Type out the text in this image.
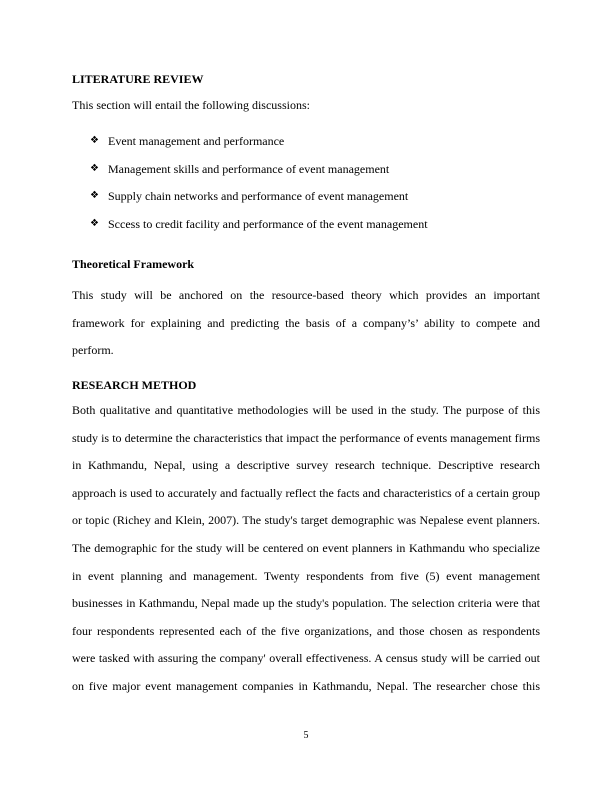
LITERATURE REVIEW
This section will entail the following discussions:
❖ Event management and performance
❖ Management skills and performance of event management
❖ Supply chain networks and performance of event management
❖ Sccess to credit facility and performance of the event management
Theoretical Framework
This study will be anchored on the resource-based theory which provides an important
framework for explaining and predicting the basis of a company’s’ ability to compete and
perform.
RESEARCH METHOD
Both qualitative and quantitative methodologies will be used in the study. The purpose of this
study is to determine the characteristics that impact the performance of events management firms
in Kathmandu, Nepal, using a descriptive survey research technique. Descriptive research
approach is used to accurately and factually reflect the facts and characteristics of a certain group
or topic (Richey and Klein, 2007). The study's target demographic was Nepalese event planners.
The demographic for the study will be centered on event planners in Kathmandu who specialize
in event planning and management. Twenty respondents from five (5) event management
businesses in Kathmandu, Nepal made up the study's population. The selection criteria were that
four respondents represented each of the five organizations, and those chosen as respondents
were tasked with assuring the company' overall effectiveness. A census study will be carried out
on five major event management companies in Kathmandu, Nepal. The researcher chose this
5
